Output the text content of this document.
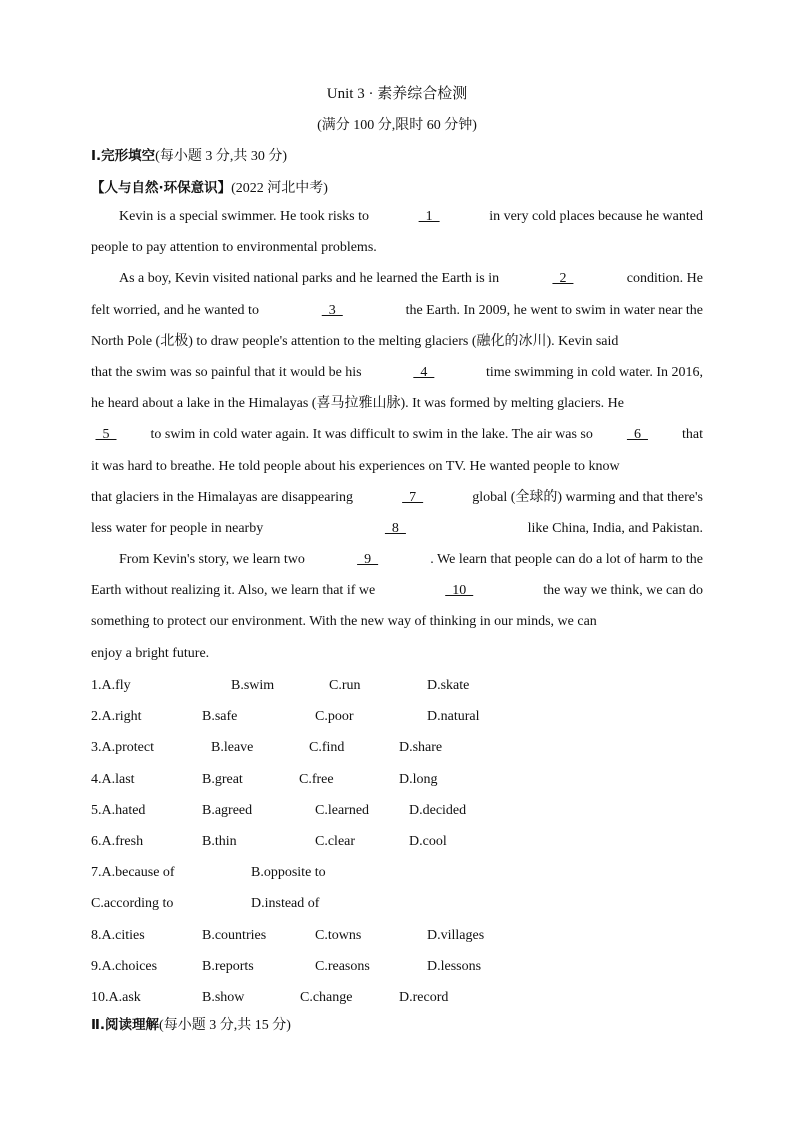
Unit 3 · 素养综合检测
(满分 100 分,限时 60 分钟)
Ⅰ.完形填空(每小题 3 分,共 30 分)
【人与自然·环保意识】(2022 河北中考)
Kevin is a special swimmer. He took risks to	1	in very cold places because he wanted
people to pay attention to environmental problems.
As a boy, Kevin visited national parks and he learned the Earth is in	2	condition. He
felt worried, and he wanted to	3	the Earth. In 2009, he went to swim in water near the
North Pole (北极) to draw people's attention to the melting glaciers (融化的冰川). Kevin said
that the swim was so painful that it would be his	4	time swimming in cold water. In 2016,
he heard about a lake in the Himalayas (喜马拉雅山脉). It was formed by melting glaciers. He
5	to swim in cold water again. It was difficult to swim in the lake. The air was so	6	that
it was hard to breathe. He told people about his experiences on TV. He wanted people to know
that glaciers in the Himalayas are disappearing	7	global (全球的) warming and that there's
less water for people in nearby	8	like China, India, and Pakistan.
From Kevin's story, we learn two	9	. We learn that people can do a lot of harm to the
Earth without realizing it. Also, we learn that if we	10	the way we think, we can do
something to protect our environment. With the new way of thinking in our minds, we can
enjoy a bright future.
1.A.fly	B.swim	C.run	D.skate
2.A.right	B.safe	C.poor	D.natural
3.A.protect	B.leave	C.find	D.share
4.A.last	B.great	C.free	D.long
5.A.hated	B.agreed	C.learned	D.decided
6.A.fresh	B.thin	C.clear	D.cool
7.A.because of	B.opposite to
C.according to	D.instead of
8.A.cities	B.countries	C.towns	D.villages
9.A.choices	B.reports	C.reasons	D.lessons
10.A.ask	B.show	C.change	D.record
Ⅱ.阅读理解(每小题 3 分,共 15 分)
